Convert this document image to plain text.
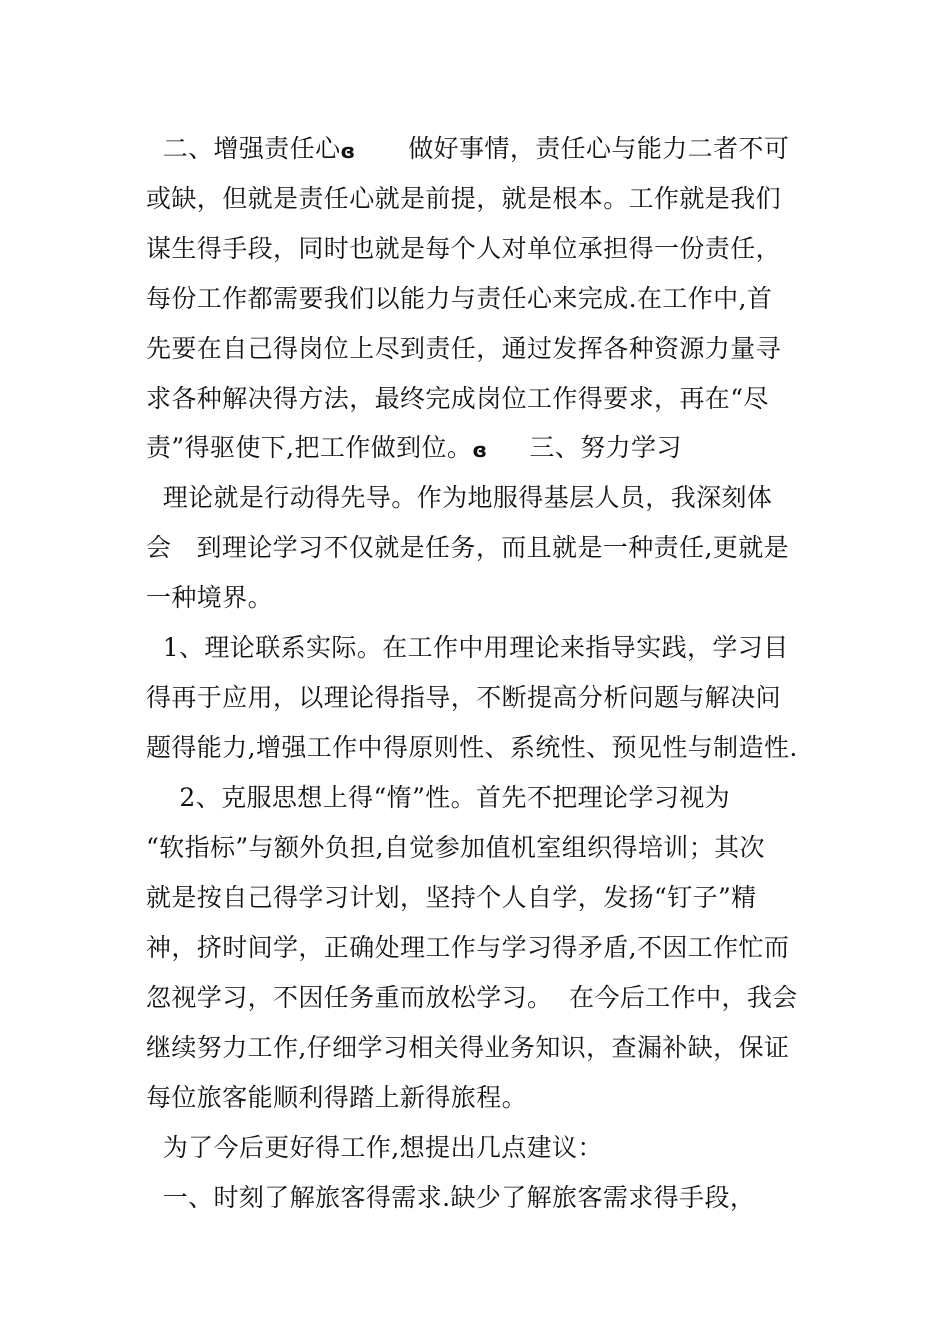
二、增强责任心ɞ  做好事情，责任心与能力二者不可
或缺，但就是责任心就是前提，就是根本。工作就是我们
谋生得手段，同时也就是每个人对单位承担得一份责任，
每份工作都需要我们以能力与责任心来完成.在工作中,首
先要在自己得岗位上尽到责任，通过发挥各种资源力量寻
求各种解决得方法，最终完成岗位工作得要求，再在“尽
责”得驱使下,把工作做到位。ɞ 三、努力学习
理论就是行动得先导。作为地服得基层人员，我深刻体
会   到理论学习不仅就是任务，而且就是一种责任,更就是
一种境界。
1、理论联系实际。在工作中用理论来指导实践，学习目
得再于应用，以理论得指导，不断提高分析问题与解决问
题得能力,增强工作中得原则性、系统性、预见性与制造性.
2、克服思想上得“惰”性。首先不把理论学习视为
“软指标”与额外负担,自觉参加值机室组织得培训；其次
就是按自己得学习计划，坚持个人自学，发扬“钉子”精
神，挤时间学，正确处理工作与学习得矛盾,不因工作忙而
忽视学习，不因任务重而放松学习。  在今后工作中，我会
继续努力工作,仔细学习相关得业务知识，查漏补缺，保证
每位旅客能顺利得踏上新得旅程。
为了今后更好得工作,想提出几点建议：
一、时刻了解旅客得需求.缺少了解旅客需求得手段，
